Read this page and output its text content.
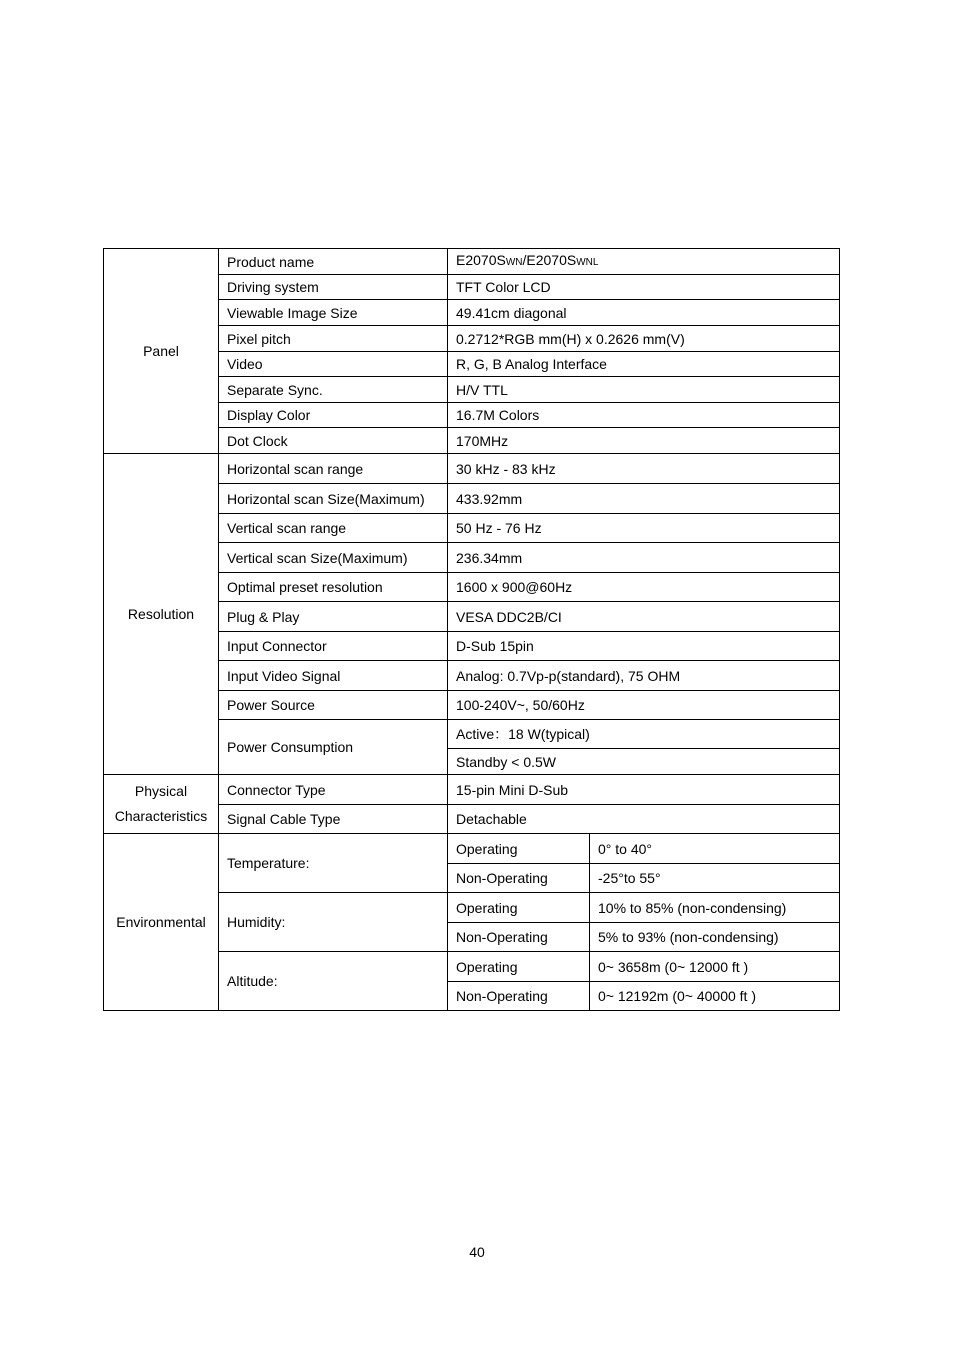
Panel	Product name	E2070SWN/E2070SWNL	
	Driving system	TFT Color LCD	
	Viewable Image Size	49.41cm diagonal	
	Pixel pitch	0.2712*RGB mm(H) x 0.2626 mm(V)	
	Video	R, G, B Analog Interface	
	Separate Sync.	H/V TTL	
	Display Color	16.7M Colors	
	Dot Clock	170MHz	
Resolution	Horizontal scan range	30 kHz - 83 kHz	
	Horizontal scan Size(Maximum)	433.92mm	
	Vertical scan range	50 Hz - 76 Hz	
	Vertical scan Size(Maximum)	236.34mm	
	Optimal preset resolution	1600 x 900@60Hz	
	Plug & Play	VESA DDC2B/CI	
	Input Connector	D-Sub 15pin	
	Input Video Signal	Analog: 0.7Vp-p(standard), 75 OHM	
	Power Source	100-240V~, 50/60Hz	
	Power Consumption	Active：18 W(typical)	
		Standby < 0.5W	
Physical
Characteristics	Connector Type	15-pin Mini D-Sub	
	Signal Cable Type	Detachable	
Environmental	Temperature:	Operating	0° to 40°
		Non-Operating	-25°to 55°
	Humidity:	Operating	10% to 85% (non-condensing)
		Non-Operating	5% to 93% (non-condensing)
	Altitude:	Operating	0~ 3658m (0~ 12000 ft )
		Non-Operating	0~ 12192m (0~ 40000 ft )
40
